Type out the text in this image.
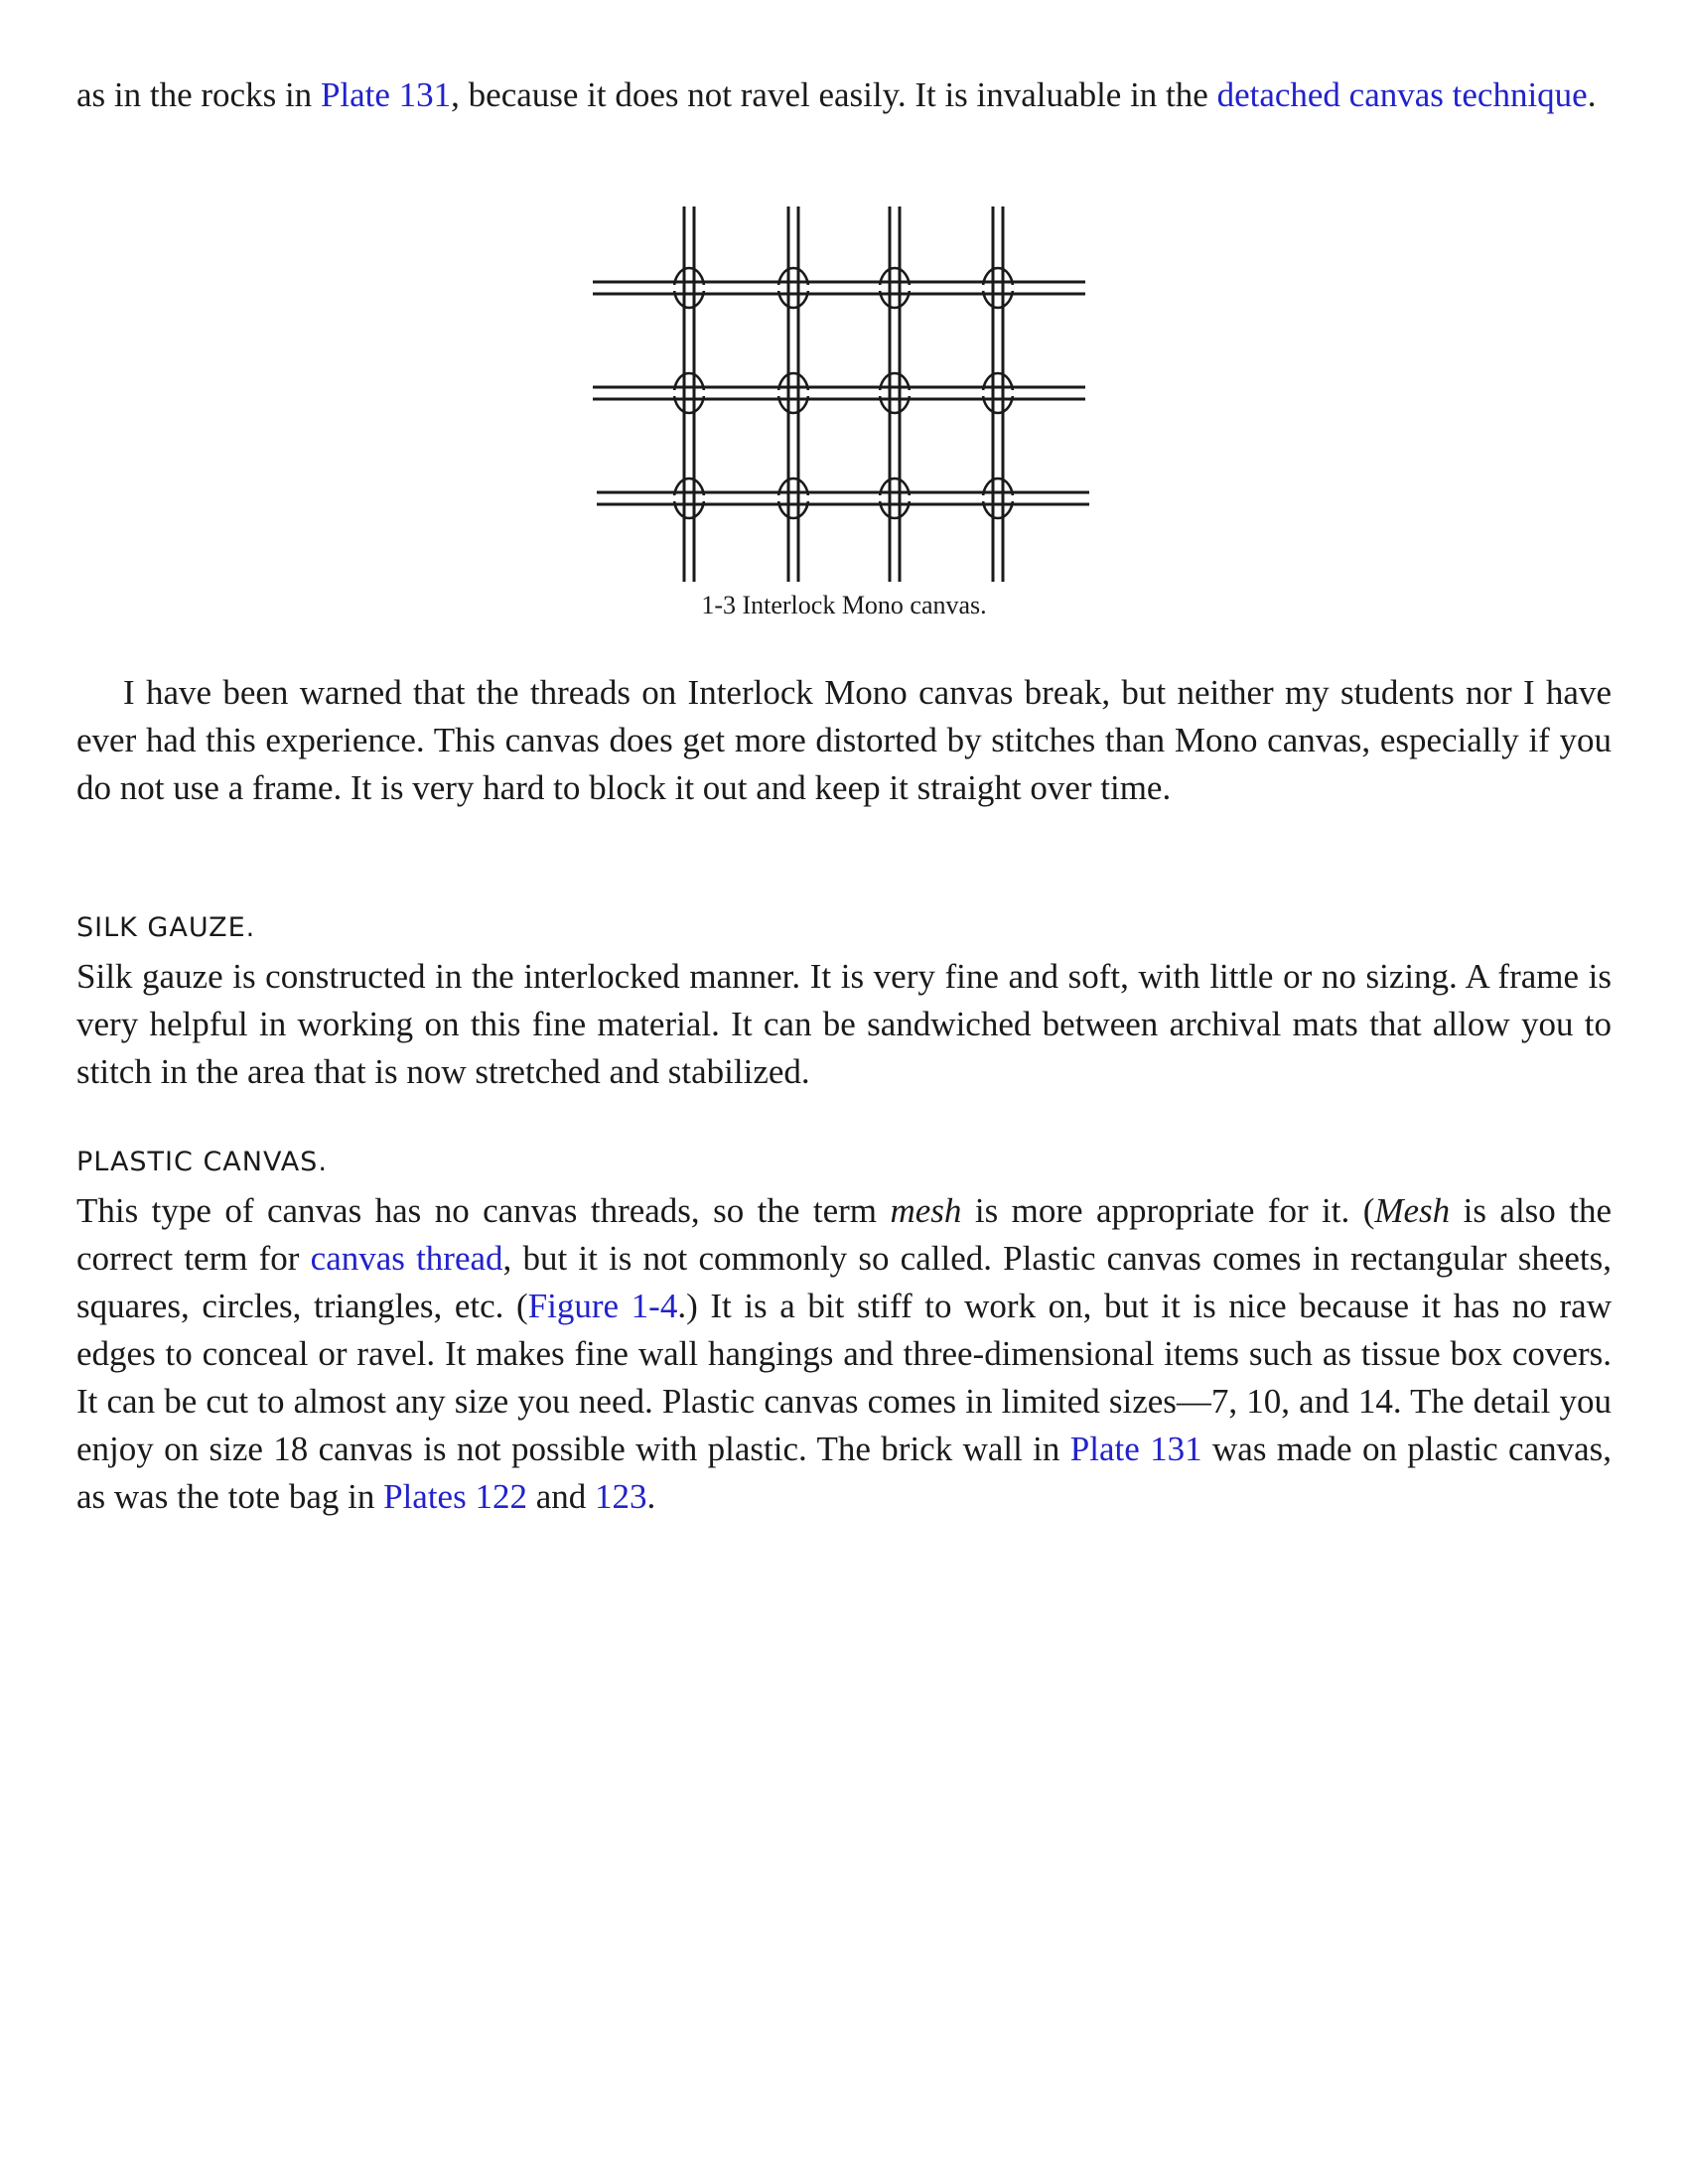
as in the rocks in Plate 131, because it does not ravel easily. It is invaluable in the detached canvas technique.

1-3 Interlock Mono canvas.

I have been warned that the threads on Interlock Mono canvas break, but neither my students nor I have ever had this experience. This canvas does get more distorted by stitches than Mono canvas, especially if you do not use a frame. It is very hard to block it out and keep it straight over time.

SILK GAUZE.

Silk gauze is constructed in the interlocked manner. It is very fine and soft, with little or no sizing. A frame is very helpful in working on this fine material. It can be sandwiched between archival mats that allow you to stitch in the area that is now stretched and stabilized.

PLASTIC CANVAS.

This type of canvas has no canvas threads, so the term mesh is more appropriate for it. (Mesh is also the correct term for canvas thread, but it is not commonly so called. Plastic canvas comes in rectangular sheets, squares, circles, triangles, etc. (Figure 1-4.) It is a bit stiff to work on, but it is nice because it has no raw edges to conceal or ravel. It makes fine wall hangings and three-dimensional items such as tissue box covers. It can be cut to almost any size you need. Plastic canvas comes in limited sizes—7, 10, and 14. The detail you enjoy on size 18 canvas is not possible with plastic. The brick wall in Plate 131 was made on plastic canvas, as was the tote bag in Plates 122 and 123.
